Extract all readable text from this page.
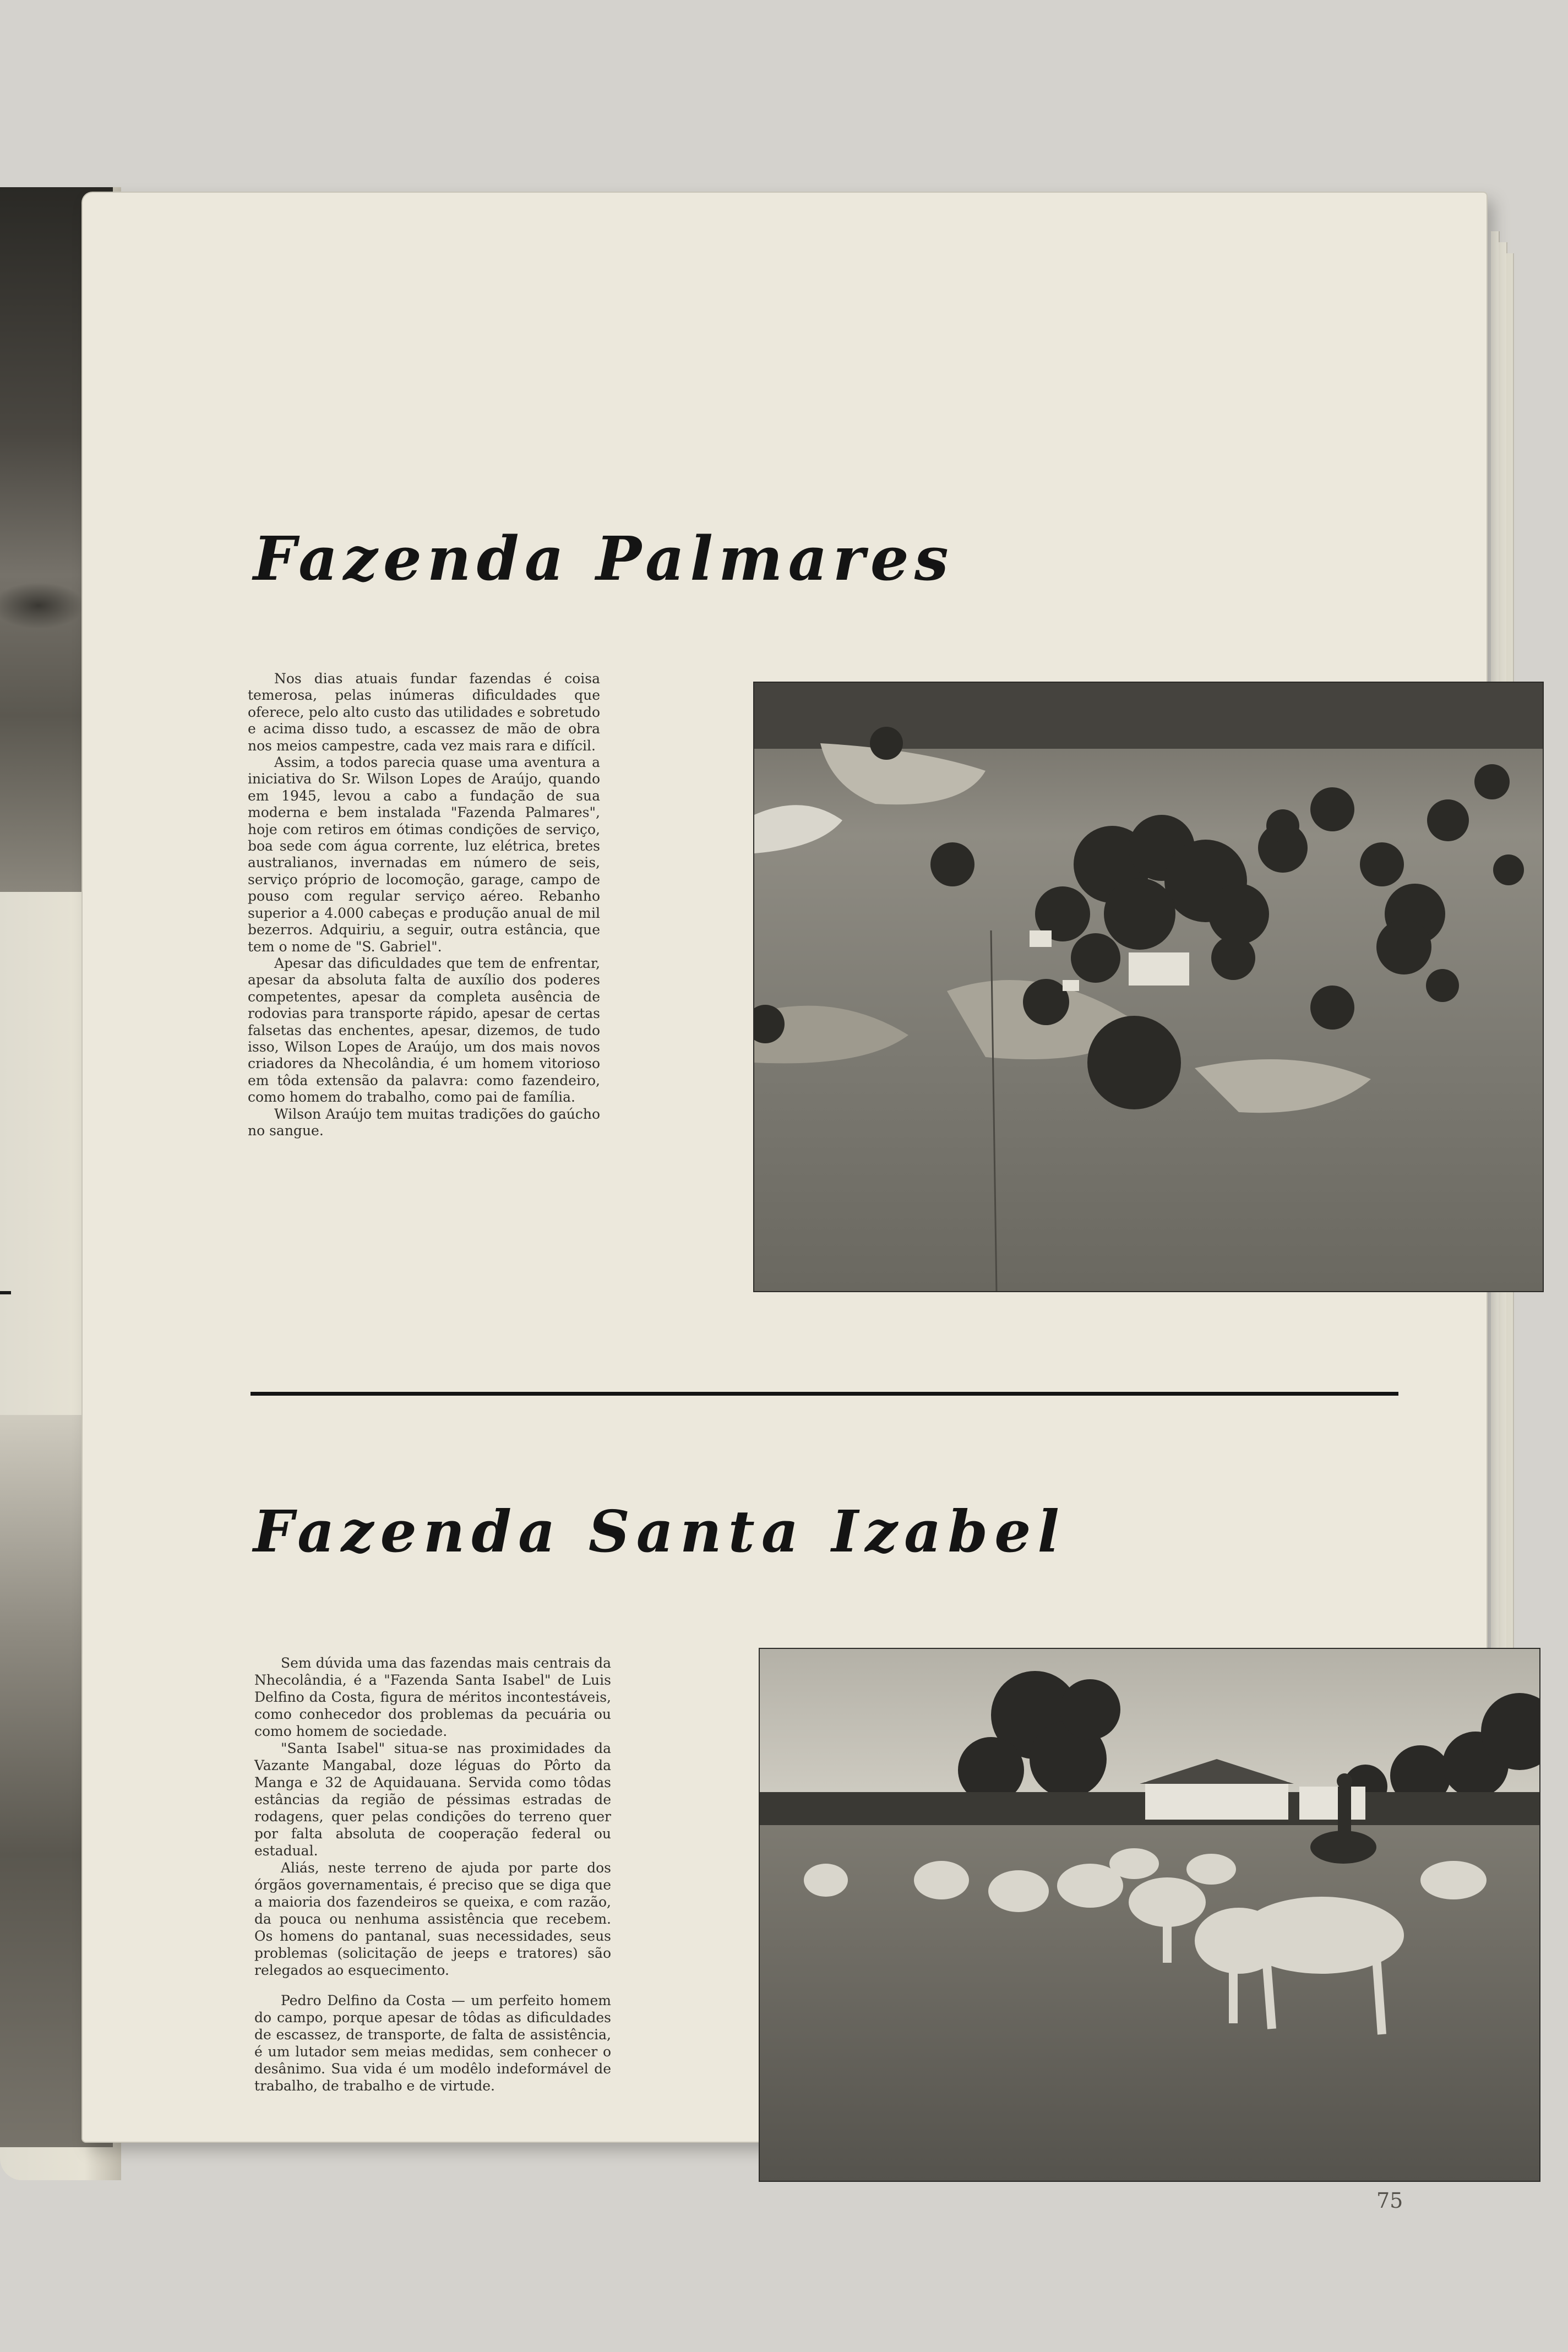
Fazenda Palmares

Nos dias atuais fundar fazendas é coisa temerosa, pelas inúmeras dificuldades que oferece, pelo alto custo das utilidades e sobretudo e acima disso tudo, a escassez de mão de obra nos meios campestre, cada vez mais rara e difícil.

Assim, a todos parecia quase uma aventura a iniciativa do Sr. Wilson Lopes de Araújo, quando em 1945, levou a cabo a fundação de sua moderna e bem instalada "Fazenda Palmares", hoje com retiros em ótimas condições de serviço, boa sede com água corrente, luz elétrica, bretes australianos, invernadas em número de seis, serviço próprio de locomoção, garage, campo de pouso com regular serviço aéreo. Rebanho superior a 4.000 cabeças e produção anual de mil bezerros. Adquiriu, a seguir, outra estância, que tem o nome de "S. Gabriel".

Apesar das dificuldades que tem de enfrentar, apesar da absoluta falta de auxílio dos poderes competentes, apesar da completa ausência de rodovias para transporte rápido, apesar de certas falsetas das enchentes, apesar, dizemos, de tudo isso, Wilson Lopes de Araújo, um dos mais novos criadores da Nhecolândia, é um homem vitorioso em tôda extensão da palavra: como fazendeiro, como homem do trabalho, como pai de família.

Wilson Araújo tem muitas tradições do gaúcho no sangue.

Fazenda Santa Izabel

Sem dúvida uma das fazendas mais centrais da Nhecolândia, é a "Fazenda Santa Isabel" de Luis Delfino da Costa, figura de méritos incontestáveis, como conhecedor dos problemas da pecuária ou como homem de sociedade.

"Santa Isabel" situa-se nas proximidades da Vazante Mangabal, doze léguas do Pôrto da Manga e 32 de Aquidauana. Servida como tôdas estâncias da região de péssimas estradas de rodagens, quer pelas condições do terreno quer por falta absoluta de cooperação federal ou estadual.

Aliás, neste terreno de ajuda por parte dos órgãos governamentais, é preciso que se diga que a maioria dos fazendeiros se queixa, e com razão, da pouca ou nenhuma assistência que recebem. Os homens do pantanal, suas necessidades, seus problemas (solicitação de jeeps e tratores) são relegados ao esquecimento.

Pedro Delfino da Costa — um perfeito homem do campo, porque apesar de tôdas as dificuldades de escassez, de transporte, de falta de assistência, é um lutador sem meias medidas, sem conhecer o desânimo. Sua vida é um modêlo indeformável de trabalho, de trabalho e de virtude.

75
